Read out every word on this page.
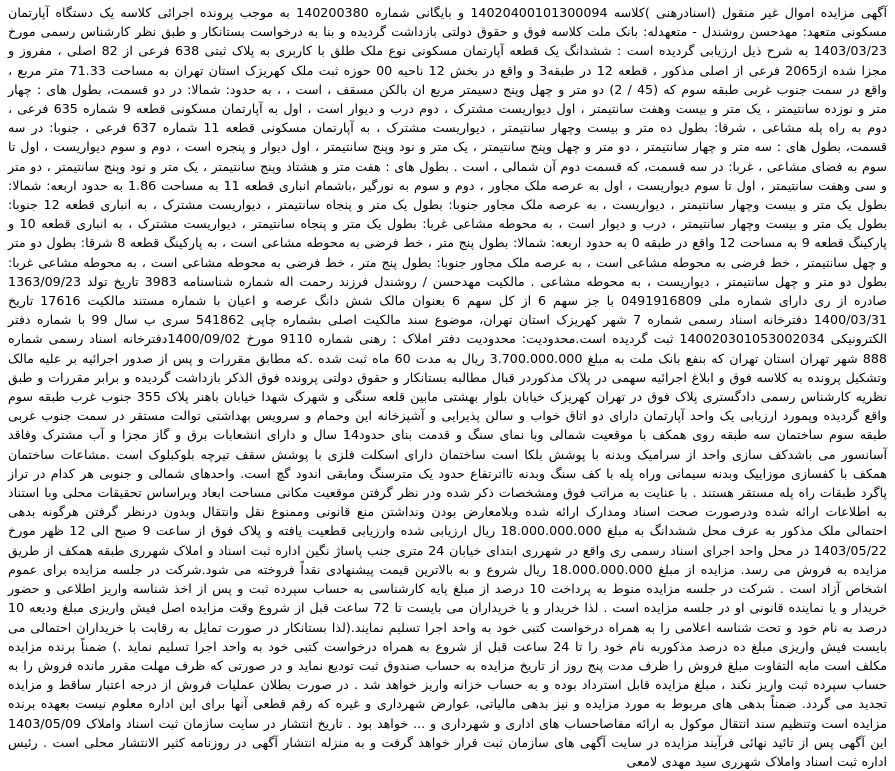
آگهی مزایده اموال غیر منقول (اسنادرهنی )کلاسه 14020400101300094 و بایگانی شماره 140200380 به موجب پرونده اجرائی کلاسه یک دستگاه آپارتمان مسکونی متعهد: مهدحسن روشندل - متعهدله: بانک ملت کلاسه فوق و حقوق دولتی بازداشت گردیده و بنا به درخواست بستانکار و طبق نظر کارشناس رسمی مورخ 1403/03/23 به شرح ذیل ارزیابی گردیده است : ششدانگ یک قطعه آپارتمان مسکونی نوع ملک طلق با کاربری به پلاک ثبتی 638 فرعی از 82 اصلی ، مفروز و مجزا شده از2065 فرعی از اصلی مذکور ، قطعه 12 در طبقه3 و واقع در بخش 12 ناحیه 00 حوزه ثبت ملک کهریزک استان تهران به مساحت 71.33 متر مربع ، واقع در سمت جنوب غربی طبقه سوم که (45 / 2) دو متر و چهل وپنج دسیمتر مربع ان بالکن مسقف ، است ، ، به حدود: شمالا: در دو قسمت، بطول های : چهار متر و نوزده سانتیمتر ، یک متر و بیست وهفت سانتیمتر ، اول دیواریست مشترک ، دوم درب و دیوار است ، اول به آپارتمان مسکونی قطعه 9 شماره 635 فرعی ، دوم به راه پله مشاعی ، شرقا: بطول ده متر و بیست وچهار سانتیمتر ، دیواریست مشترک ، به آپارتمان مسکونی قطعه 11 شماره 637 فرعی ، جنوبا: در سه قسمت، بطول های : سه متر و چهار سانتیمتر ، دو متر و چهل وپنج سانتیمتر ، یک متر و نود وپنج سانتیمتر ، اول دیوار و پنجره است ، دوم و سوم دیواریست ، اول تا سوم به فضای مشاعی ، غربا: در سه قسمت، که قسمت دوم آن شمالی ، است . بطول های : هفت متر و هشتاد وپنج سانتیمتر ، یک متر و نود وپنج سانتیمتر ، دو متر و سی وهفت سانتیمتر ، اول تا سوم دیواریست ، اول به عرصه ملک مجاور ، دوم و سوم به نورگیر ،باشمام انباری قطعه 11 به مساحت 1.86 به حدود اربعه: شمالا: بطول یک متر و بیست وچهار سانتیمتر ، دیواریست ، به عرصه ملک مجاور جنوبا: بطول یک متر و پنجاه سانتیمتر ، دیواریست مشترک ، به انباری قطعه 12 جنوبا: بطول یک متر و بیست وچهار سانتیمتر ، درب و دیوار است ، به محوطه مشاعی غربا: بطول یک متر و پنجاه سانتیمتر ، دیواریست مشترک ، به انباری قطعه 10 و پارکینگ قطعه 9 به مساحت 12 واقع در طبقه 0 به حدود اربعه: شمالا: بطول پنج متر ، خط فرضی به محوطه مشاعی است ، به پارکینگ قطعه 8 شرقا: بطول دو متر و چهل سانتیمتر ، خط فرضی به محوطه مشاعی است ، به عرصه ملک مجاور جنوبا: بطول پنج متر ، خط فرضی به محوطه مشاعی است ، به محوطه مشاعی غربا: بطول دو متر و چهل سانتیمتر ، دیواریست ، به محوطه مشاعی . مالکیت مهدحسن / روشندل فرزند رحمت اله شماره شناسنامه 3983 تاریخ تولد 1363/09/23 صادره از ری دارای شماره ملی 0491916809 با جز سهم 6 از کل سهم 6 بعنوان مالک شش دانگ عرصه و اعیان با شماره مستند مالکیت 17616 تاریخ 1400/03/31 دفترخانه اسناد رسمی شماره 7 شهر کهریزک استان تهران، موضوع سند مالکیت اصلی بشماره چاپی 541862 سری ب سال 99 با شماره دفتر الکترونیکی 140020301053002034 ثبت گردیده است.محدودیت: محدودیت دفتر املاک : رهنی شماره 9110 مورخ 1400/09/02دفترخانه اسناد رسمی شماره 888 شهر تهران استان تهران که بنفع بانک ملت به مبلغ 3.700.000.000 ریال به مدت 60 ماه ثبت شده .که مطابق مقررات و پس از صدور اجرائیه بر علیه مالک وتشکیل پرونده به کلاسه فوق و ابلاغ اجرائیه سهمی در پلاک مذکوردر قبال مطالبه بستانکار و حقوق دولتی پرونده فوق الذکر بازداشت گردیده و برابر مقررات و طبق نظریه کارشناس رسمی دادگستری پلاک فوق در تهران کهریزک خیابان بلوار بهشتی مابین قلعه سنگی و شهرک شهدا خیابان باهنر پلاک 355 جنوب غرب طبقه سوم واقع گردیده وپمورد ارزیابی یک واحد آپارتمان دارای دو اتاق خواب و سالن پذیرایی و آشپزخانه این وحمام و سرویس بهداشتی توالت مستقر در سمت جنوب غربی طبقه سوم ساختمان سه طبقه روی همکف با موقعیت شمالی وبا نمای سنگ و قدمت بنای حدود14 سال و دارای انشعابات برق و گاز مجزا و آب مشترک وفاقد آسانسور می باشدکف سازی واحد از سرامیک وبدنه با پوشش بلکا است ساختمان دارای اسکلت فلزی با پوشش سقف تیرچه بلوکبلوک است .مشاعات ساختمان همکف با کفسازی موزاییک وبدنه سیمانی وراه پله با کف سنگ وبدنه تااترتفاع حدود یک مترسنگ ومابقی اندود گچ است. واحدهای شمالی و جنوبی هر کدام در تراز پاگرد طبقات راه پله مستقر هستند . با عنایت به مراتب فوق ومشخصات ذکر شده ودر نظر گرفتن موقعیت مکانی مساحت ابعاد وبراساس تحقیقات محلی وبا استناد به اطلاعات ارائه شده ودرصورت صحت اسناد ومدارک ارائه شده وبلامعارض بودن ونداشتن منع قانونی وممنوع نقل وانتقال وبدون درنظر گرفتن هرگونه بدهی احتمالی ملک مذکور به عرف محل ششدانگ به مبلغ 18.000.000.000 ریال ارزیابی شده وارزیابی قطعیت یافته و پلاک فوق از ساعت 9 صبح الی 12 ظهر مورخ 1403/05/22 در محل واحد اجرای اسناد رسمی ری واقع در شهرری ابتدای خیابان 24 متری جنب پاساژ نگین اداره ثبت اسناد و املاک شهرری طبقه همکف از طریق مزایده به فروش می رسد. مزایده از مبلغ 18.000.000.000 ریال شروع و به بالاترین قیمت پیشنهادی نقداً فروخته می شود.شرکت در جلسه مزایده برای عموم اشخاص آزاد است . شرکت در جلسه مزایده منوط به پرداخت 10 درصد از مبلغ پایه کارشناسی به حساب سپرده ثبت و پس از اخذ شناسه واریز اطلاعی و حضور خریدار و یا نماینده قانونی او در جلسه مزایده است . لذا خریدار و یا خریداران می بایست تا 72 ساعت قبل از شروع وقت مزایده اصل فیش واریزی مبلغ ودیعه 10 درصد به نام خود و تحت شناسه اعلامی را به همراه درخواست کتبی خود به واحد اجرا تسلیم نمایند.(لذا بستانکار در صورت تمایل به رقابت با خریداران احتمالی می بایست فیش واریزی مبلغ ده درصد مذکوربه نام خود را تا 24 ساعت قبل از شروع به همراه درخواست کتبی خود به واحد اجرا تسلیم نماید .) ضمناً برنده مزایده مکلف است مابه التفاوت مبلغ فروش را ظرف مدت پنج روز از تاریخ مزایده به حساب صندوق ثبت تودیع نماید و در صورتی که ظرف مهلت مقرر مانده فروش را به حساب سپرده ثبت واریز نکند ، مبلغ مزایده قابل استرداد بوده و به حساب خزانه واریز خواهد شد . در صورت بطلان عملیات فروش از درجه اعتبار ساقط و مزایده تجدید می گردد. ضمناً بدهی های مربوط به مورد مزایده و نیز بدهی مالیاتی، عوارض شهرداری و غیره که رقم قطعی آنها برای این اداره معلوم نیست بعهده برنده مزایده است وتنظیم سند انتقال موکول به ارائه مفاصاحساب های اداری و شهرداری و ... خواهد بود . تاریخ انتشار در سایت سازمان ثبت اسناد واملاک 1403/05/09 این آگهی پس از تائید نهائی فرآیند مزایده در سایت آگهی های سازمان ثبت قرار خواهد گرفت و به منزله انتشار آگهی در روزنامه کثیر الانتشار محلی است . رئیس اداره ثبت اسناد واملاک شهرری سید مهدی لامعی
